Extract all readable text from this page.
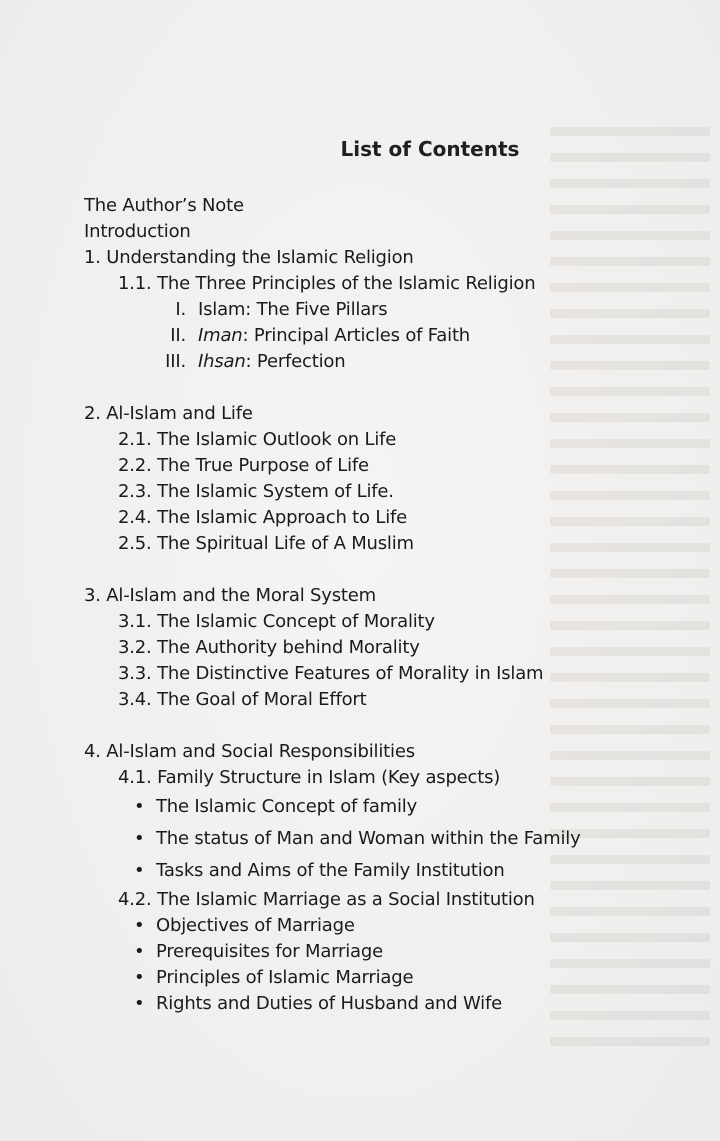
List of Contents
The Author’s Note
Introduction
1. Understanding the Islamic Religion
1.1. The Three Principles of the Islamic Religion
I. Islam: The Five Pillars
II. Iman: Principal Articles of Faith
III. Ihsan: Perfection
2. Al-Islam and Life
2.1. The Islamic Outlook on Life
2.2. The True Purpose of Life
2.3. The Islamic System of Life.
2.4. The Islamic Approach to Life
2.5. The Spiritual Life of A Muslim
3. Al-Islam and the Moral System
3.1. The Islamic Concept of Morality
3.2. The Authority behind Morality
3.3. The Distinctive Features of Morality in Islam
3.4. The Goal of Moral Effort
4. Al-Islam and Social Responsibilities
4.1. Family Structure in Islam (Key aspects)
• The Islamic Concept of family
• The status of Man and Woman within the Family
• Tasks and Aims of the Family Institution
4.2. The Islamic Marriage as a Social Institution
• Objectives of Marriage
• Prerequisites for Marriage
• Principles of Islamic Marriage
• Rights and Duties of Husband and Wife
